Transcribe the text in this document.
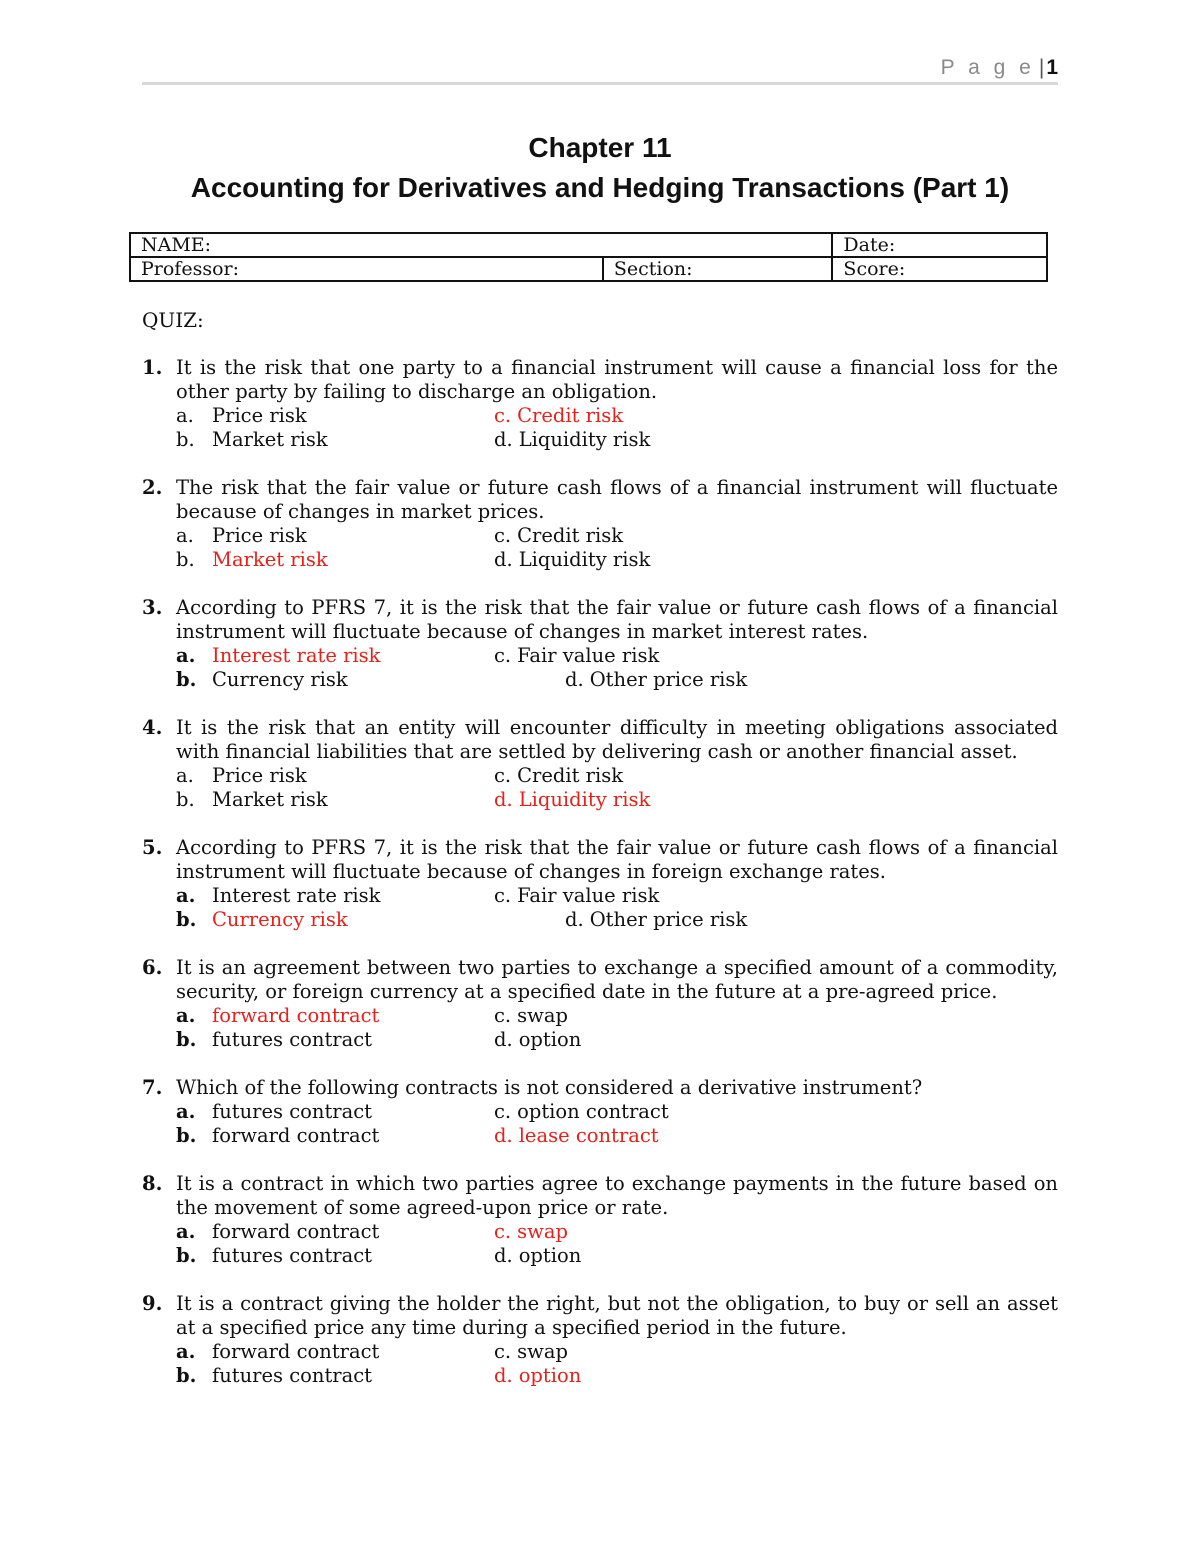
P a g e |1
Chapter 11
Accounting for Derivatives and Hedging Transactions (Part 1)
NAME:		Date:
Professor:	Section:	Score:
QUIZ:
1. It is the risk that one party to a financial instrument will cause a financial loss for the other party by failing to discharge an obligation.
a. Price risk
b. Market risk
c. Credit risk
d. Liquidity risk
2. The risk that the fair value or future cash flows of a financial instrument will fluctuate because of changes in market prices.
a. Price risk
b. Market risk
c. Credit risk
d. Liquidity risk
3. According to PFRS 7, it is the risk that the fair value or future cash flows of a financial instrument will fluctuate because of changes in market interest rates.
a. Interest rate risk
b. Currency risk
c. Fair value risk
d. Other price risk
4. It is the risk that an entity will encounter difficulty in meeting obligations associated with financial liabilities that are settled by delivering cash or another financial asset.
a. Price risk
b. Market risk
c. Credit risk
d. Liquidity risk
5. According to PFRS 7, it is the risk that the fair value or future cash flows of a financial instrument will fluctuate because of changes in foreign exchange rates.
a. Interest rate risk
b. Currency risk
c. Fair value risk
d. Other price risk
6. It is an agreement between two parties to exchange a specified amount of a commodity, security, or foreign currency at a specified date in the future at a pre-agreed price.
a. forward contract
b. futures contract
c. swap
d. option
7. Which of the following contracts is not considered a derivative instrument?
a. futures contract
b. forward contract
c. option contract
d. lease contract
8. It is a contract in which two parties agree to exchange payments in the future based on the movement of some agreed-upon price or rate.
a. forward contract
b. futures contract
c. swap
d. option
9. It is a contract giving the holder the right, but not the obligation, to buy or sell an asset at a specified price any time during a specified period in the future.
a. forward contract
b. futures contract
c. swap
d. option
